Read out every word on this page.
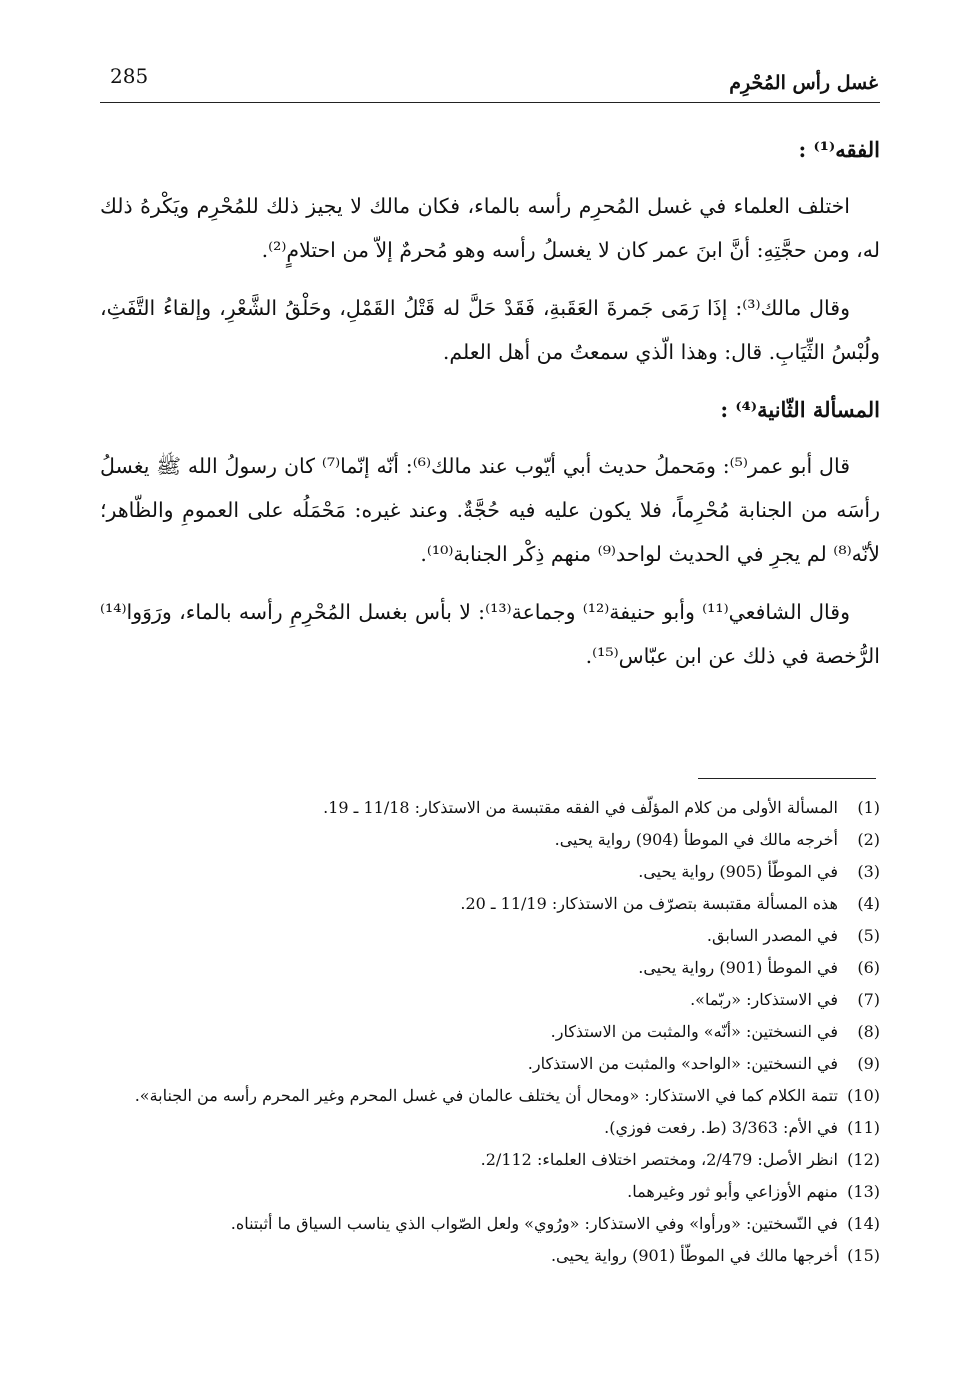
285	غسل رأس المُحْرِم
الفقه⁽¹⁾ :

اختلف العلماء في غسل المُحرِم رأسه بالماء، فكان مالك لا يجيز ذلك للمُحْرِم ويَكْرهُ ذلك له، ومن حجَّتِهِ: أنَّ ابنَ عمر كان لا يغسلُ رأسه وهو مُحرمٌ إلاّ من احتلامٍ⁽²⁾.

وقال مالك⁽³⁾: إذَا رَمَى جَمرةَ العَقَبةِ، فَقَدْ حَلَّ له قَتْلُ القَمْلِ، وحَلْقُ الشَّعْرِ، وإلقاءُ التَّفَثِ، ولُبْسُ الثِّيَابِ. قال: وهذا الّذي سمعتُ من أهل العلم.

المسألة الثّانية⁽⁴⁾ :

قال أبو عمر⁽⁵⁾: ومَحملُ حديث أبي أيّوب عند مالك⁽⁶⁾: أنّه إنّما⁽⁷⁾ كان رسولُ الله ﷺ يغسلُ رأسَه من الجنابة مُحْرِماً، فلا يكون عليه فيه حُجَّةٌ. وعند غيره: مَحْمَلُه على العمومِ والظّاهر؛ لأنّه⁽⁸⁾ لم يجرِ في الحديث لواحد⁽⁹⁾ منهم ذِكْر الجنابة⁽¹⁰⁾.

وقال الشافعي⁽¹¹⁾ وأبو حنيفة⁽¹²⁾ وجماعة⁽¹³⁾: لا بأس بغسل المُحْرِمِ رأسه بالماء، ورَوَوا⁽¹⁴⁾ الرُّخصة في ذلك عن ابن عبّاس⁽¹⁵⁾.

(1)
المسألة الأولى من كلام المؤلّف في الفقه مقتبسة من الاستذكار: 11/18 ـ 19.
(2)
أخرجه مالك في الموطأ (904) رواية يحيى.
(3)
في الموطّأ (905) رواية يحيى.
(4)
هذه المسألة مقتبسة بتصرّف من الاستذكار: 11/19 ـ 20.
(5)
في المصدر السابق.
(6)
في الموطأ (901) رواية يحيى.
(7)
في الاستذكار: «ربّما».
(8)
في النسختين: «أنّه» والمثبت من الاستذكار.
(9)
في النسختين: «الواحد» والمثبت من الاستذكار.
(10)
تتمة الكلام كما في الاستذكار: «ومحال أن يختلف عالمان في غسل المحرم وغير المحرم رأسه من الجنابة».
(11)
في الأم: 3/363 (ط. رفعت فوزي).
(12)
انظر الأصل: 2/479، ومختصر اختلاف العلماء: 2/112.
(13)
منهم الأوزاعي وأبو ثور وغيرهما.
(14)
في النّسختين: «ورأوا» وفي الاستذكار: «ورُوي» ولعل الصّواب الذي يناسب السياق ما أثبتناه.
(15)
أخرجها مالك في الموطّأ (901) رواية يحيى.
